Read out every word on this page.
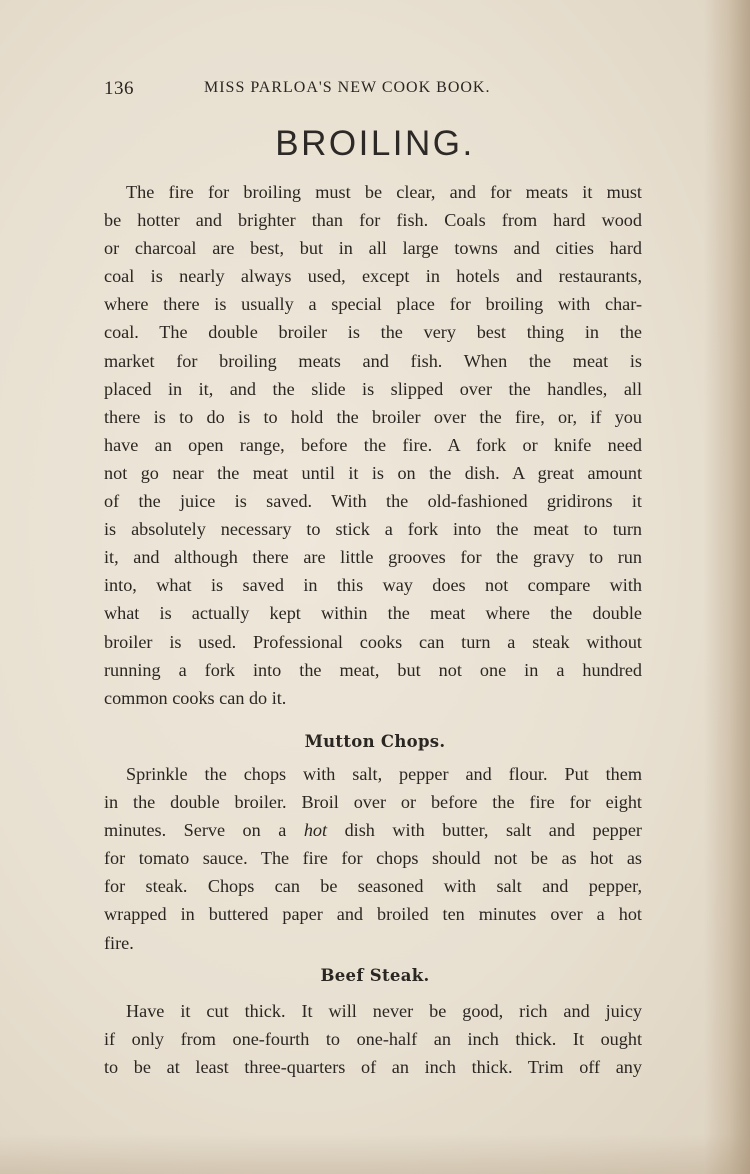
136	MISS PARLOA'S NEW COOK BOOK.
BROILING.
The fire for broiling must be clear, and for meats it must
be hotter and brighter than for fish. Coals from hard wood
or charcoal are best, but in all large towns and cities hard
coal is nearly always used, except in hotels and restaurants,
where there is usually a special place for broiling with char-
coal. The double broiler is the very best thing in the
market for broiling meats and fish. When the meat is
placed in it, and the slide is slipped over the handles, all
there is to do is to hold the broiler over the fire, or, if you
have an open range, before the fire. A fork or knife need
not go near the meat until it is on the dish. A great amount
of the juice is saved. With the old-fashioned gridirons it
is absolutely necessary to stick a fork into the meat to turn
it, and although there are little grooves for the gravy to run
into, what is saved in this way does not compare with
what is actually kept within the meat where the double
broiler is used. Professional cooks can turn a steak without
running a fork into the meat, but not one in a hundred
common cooks can do it.
Mutton Chops.
Sprinkle the chops with salt, pepper and flour. Put them
in the double broiler. Broil over or before the fire for eight
minutes. Serve on a hot dish with butter, salt and pepper
for tomato sauce. The fire for chops should not be as hot as
for steak. Chops can be seasoned with salt and pepper,
wrapped in buttered paper and broiled ten minutes over a hot
fire.
Beef Steak.
Have it cut thick. It will never be good, rich and juicy
if only from one-fourth to one-half an inch thick. It ought
to be at least three-quarters of an inch thick. Trim off any
